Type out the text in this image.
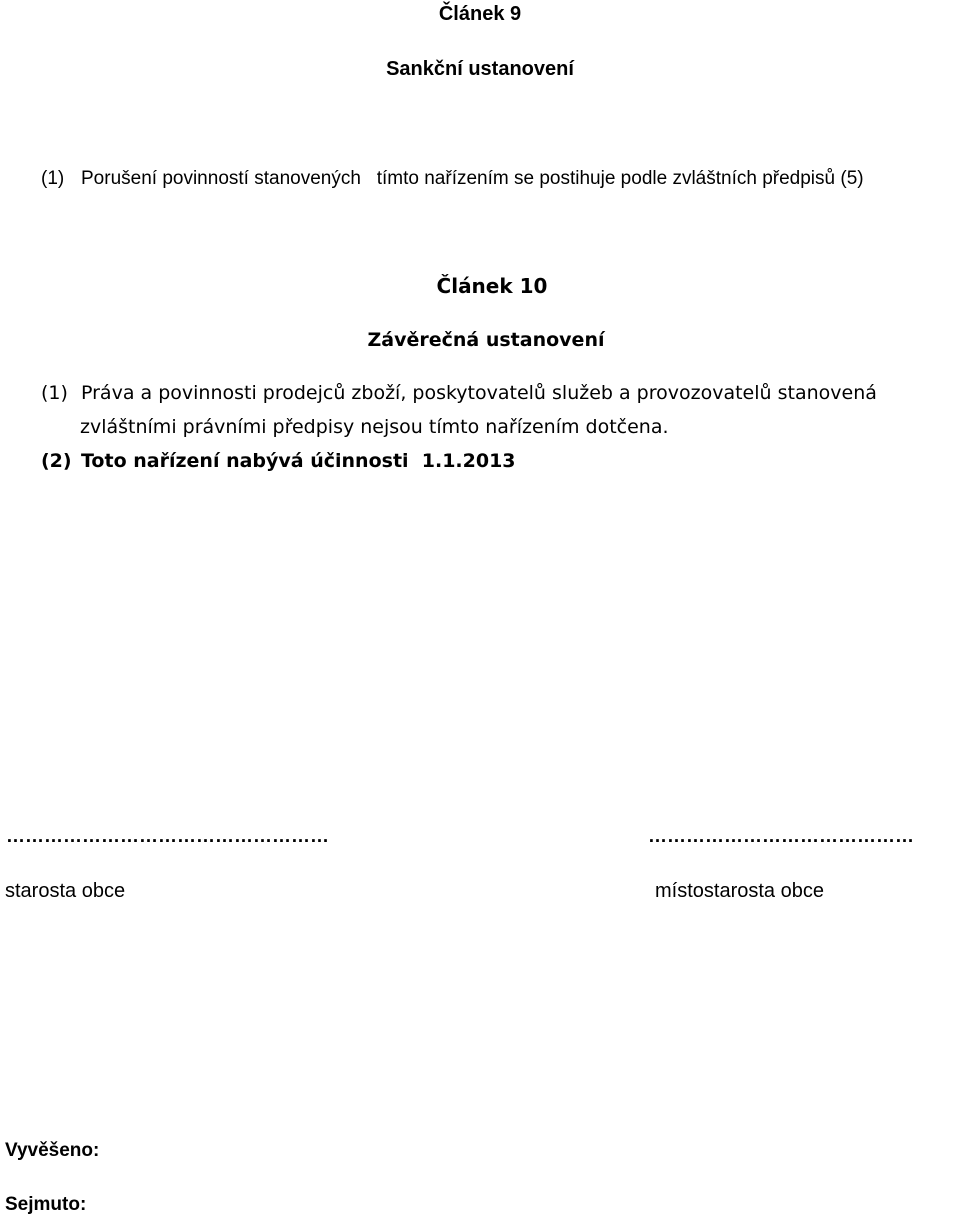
Článek 9
Sankční ustanovení
(1) Porušení povinností stanovených   tímto nařízením se postihuje podle zvláštních předpisů (5)
Článek 10
Závěrečná ustanovení
(1) Práva a povinnosti prodejců zboží, poskytovatelů služeb a provozovatelů stanovená
zvláštními právními předpisy nejsou tímto nařízením dotčena.
(2) Toto nařízení nabývá účinnosti  1.1.2013
……………………………………………
starosta obce
……………………………………
místostarosta obce
Vyvěšeno:
Sejmuto:
